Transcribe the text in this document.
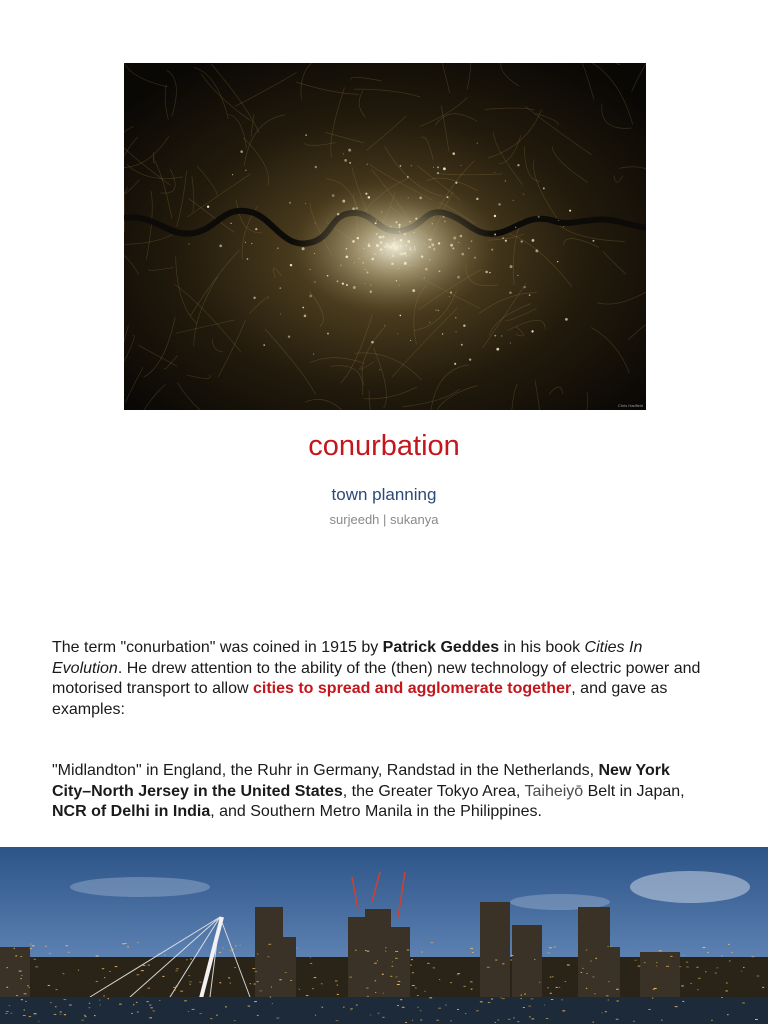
Chris Hadfield
conurbation
town planning
surjeedh | sukanya

The term "conurbation" was coined in 1915 by Patrick Geddes in his book Cities In Evolution. He drew attention to the ability of the (then) new technology of electric power and motorised transport to allow cities to spread and agglomerate together, and gave as examples:

"Midlandton" in England, the Ruhr in Germany, Randstad in the Netherlands, New York City–North Jersey in the United States, the Greater Tokyo Area, Taiheiyō Belt in Japan, NCR of Delhi in India, and Southern Metro Manila in the Philippines.
